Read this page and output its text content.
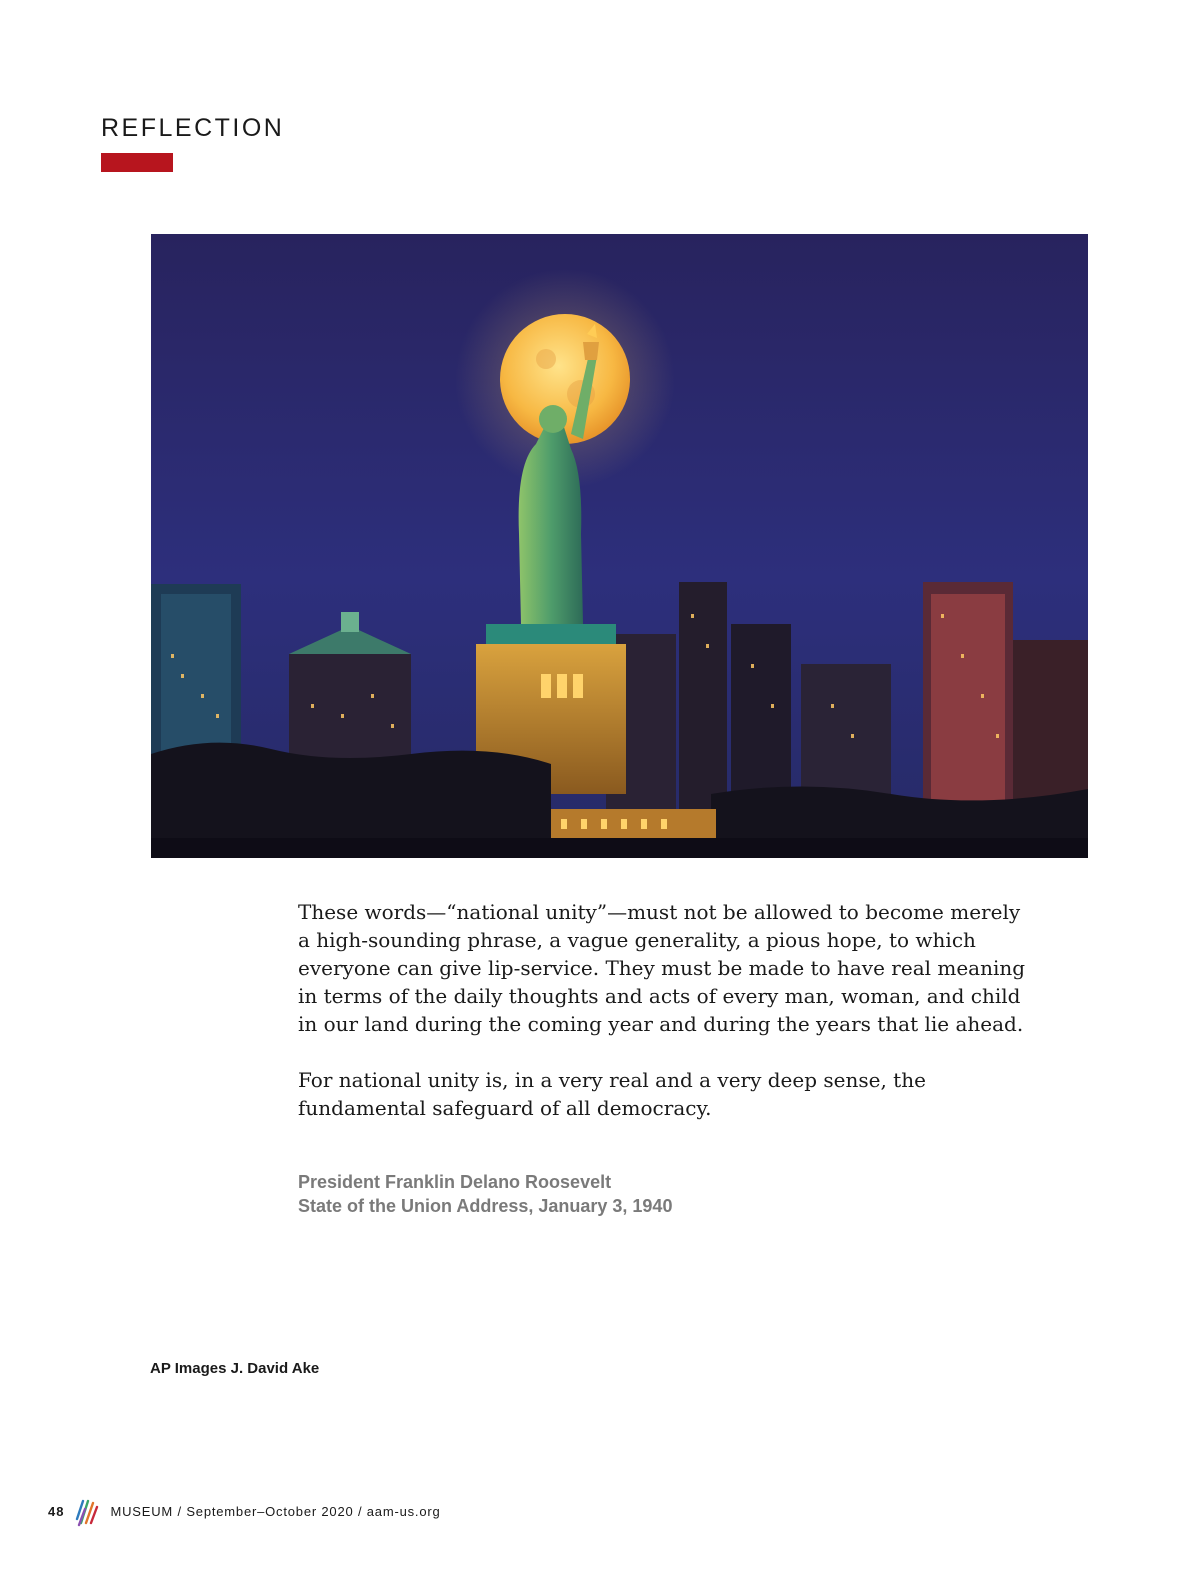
REFLECTION

These words—“national unity”—must not be allowed to become merely a high-sounding phrase, a vague generality, a pious hope, to which everyone can give lip-service. They must be made to have real meaning in terms of the daily thoughts and acts of every man, woman, and child in our land during the coming year and during the years that lie ahead.

For national unity is, in a very real and a very deep sense, the fundamental safeguard of all democracy.

President Franklin Delano Roosevelt
State of the Union Address, January 3, 1940
AP Images J. David Ake
48	MUSEUM / September–October 2020 / aam-us.org
